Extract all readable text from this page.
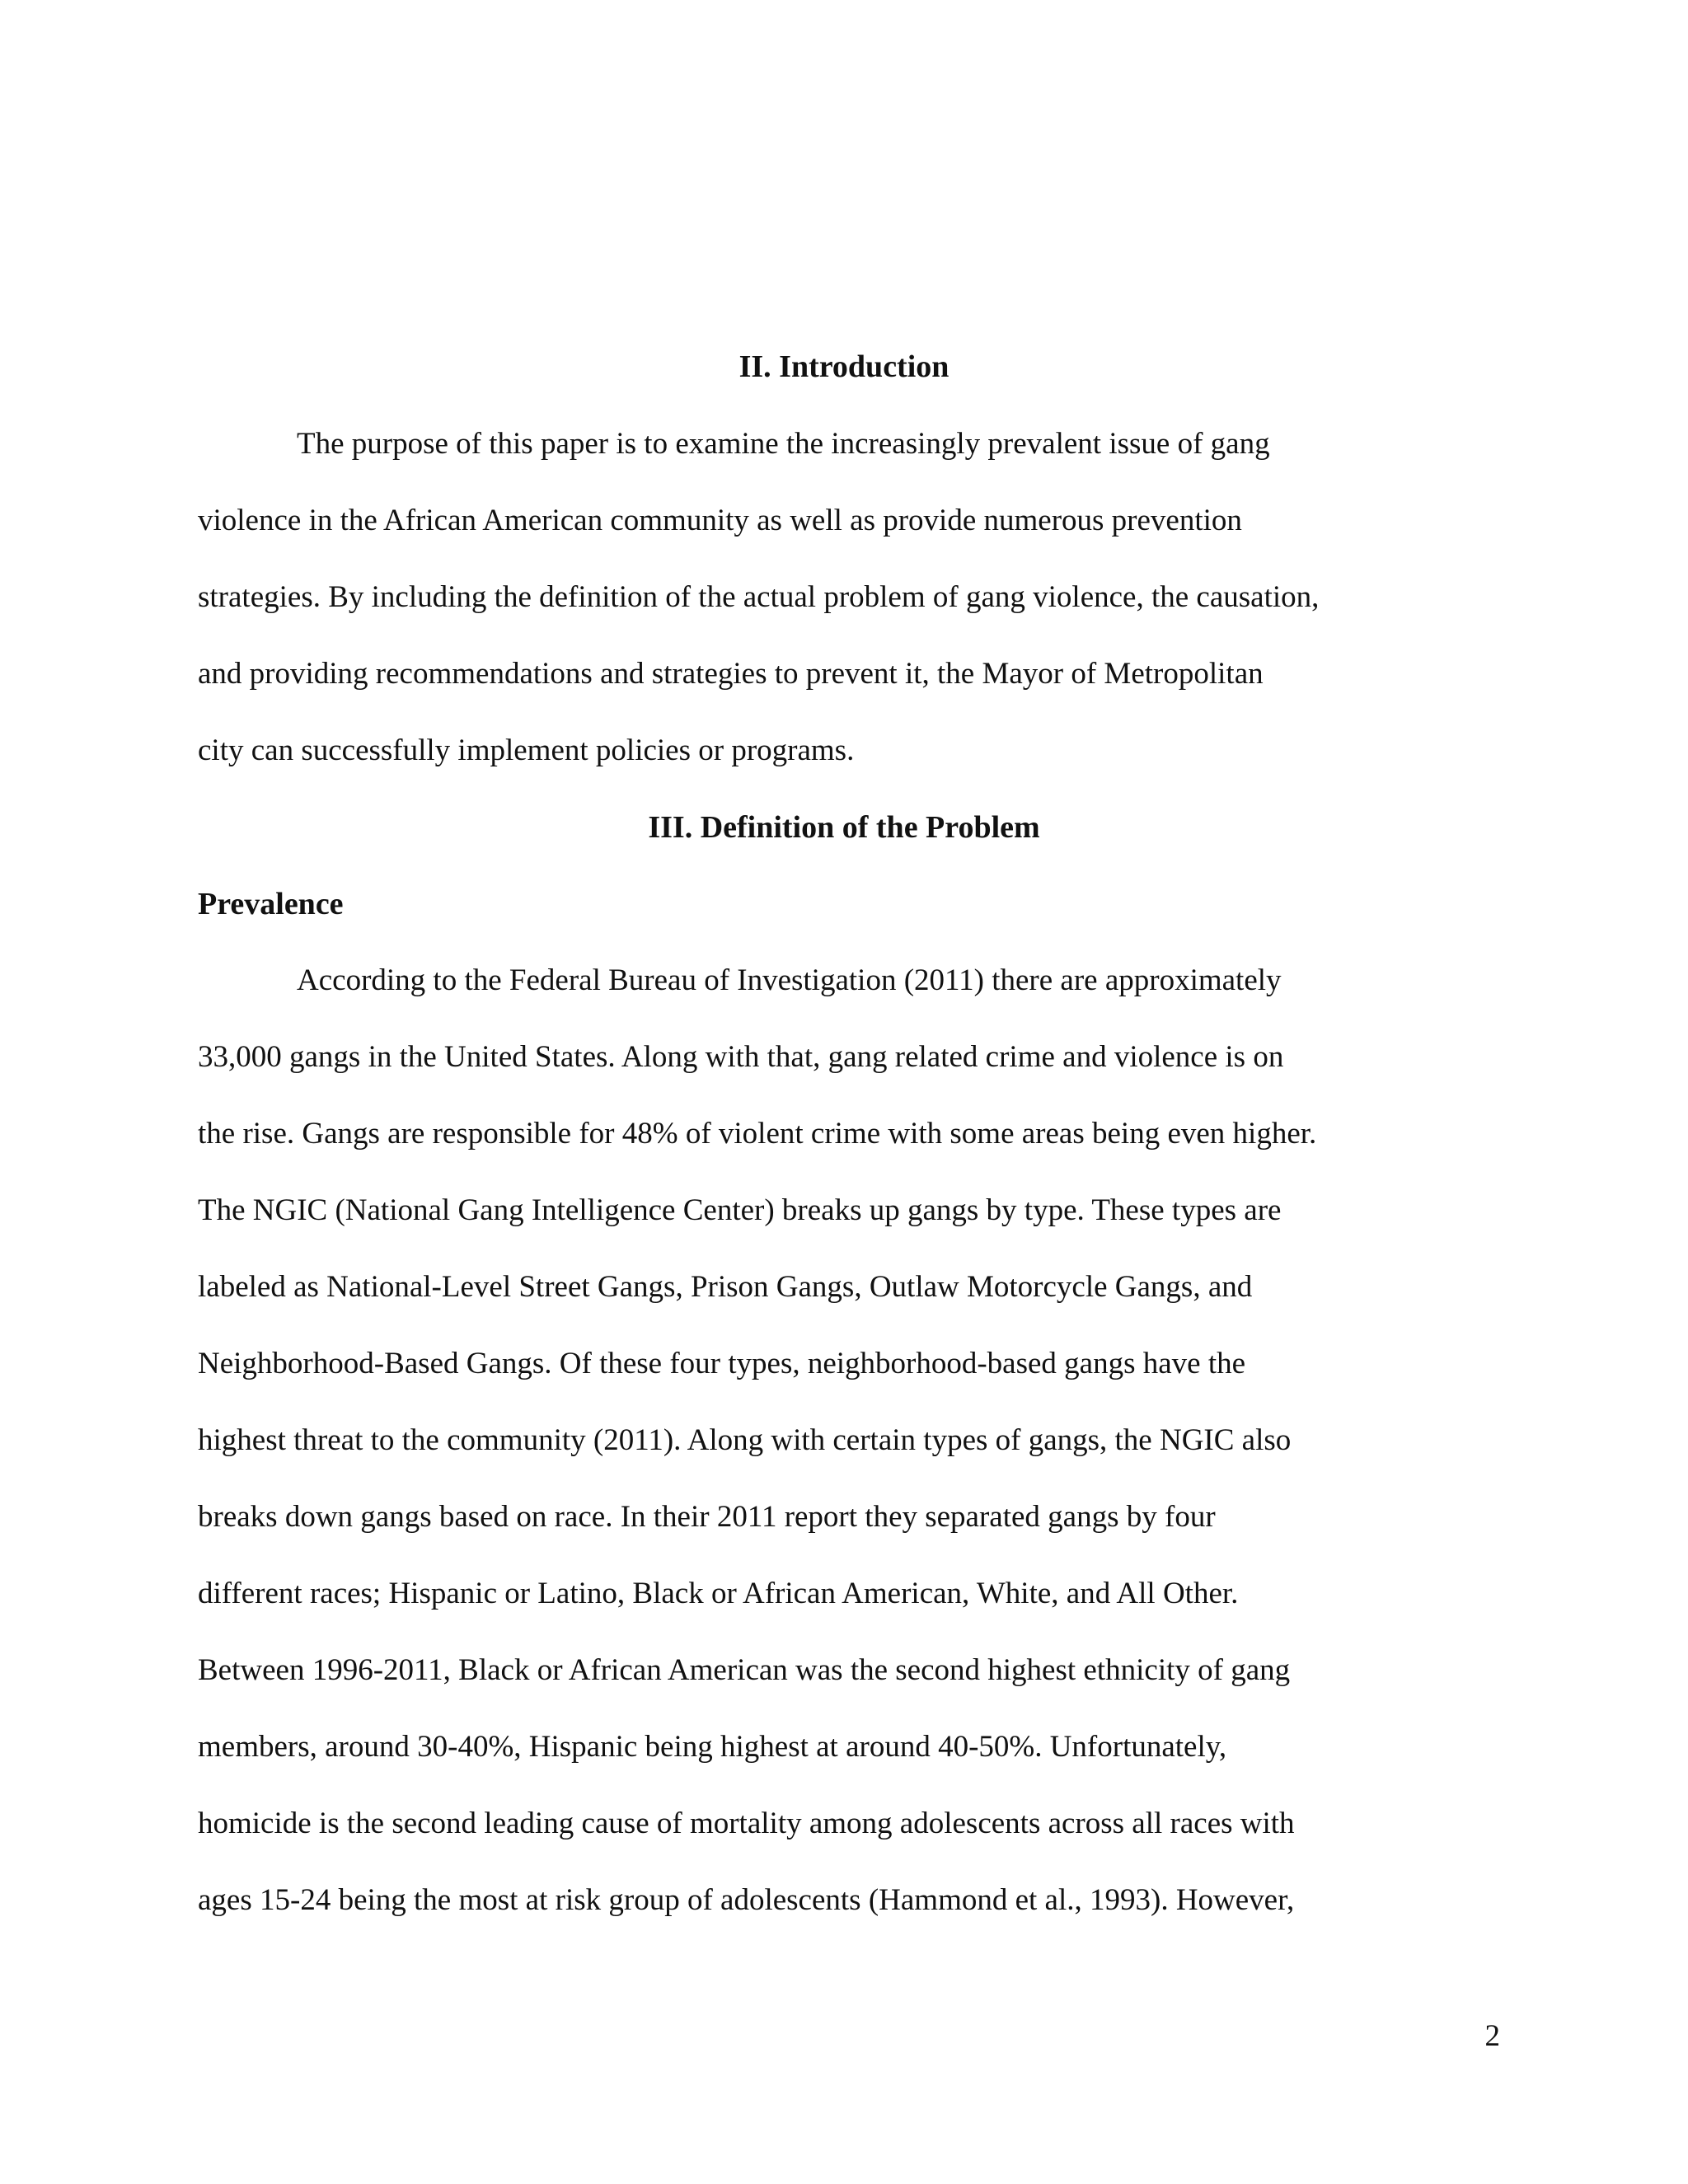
II. Introduction
The purpose of this paper is to examine the increasingly prevalent issue of gang
violence in the African American community as well as provide numerous prevention
strategies. By including the definition of the actual problem of gang violence, the causation,
and providing recommendations and strategies to prevent it, the Mayor of Metropolitan
city can successfully implement policies or programs.
III. Definition of the Problem
Prevalence
According to the Federal Bureau of Investigation (2011) there are approximately
33,000 gangs in the United States. Along with that, gang related crime and violence is on
the rise. Gangs are responsible for 48% of violent crime with some areas being even higher.
The NGIC (National Gang Intelligence Center) breaks up gangs by type. These types are
labeled as National-Level Street Gangs, Prison Gangs, Outlaw Motorcycle Gangs, and
Neighborhood-Based Gangs. Of these four types, neighborhood-based gangs have the
highest threat to the community (2011). Along with certain types of gangs, the NGIC also
breaks down gangs based on race. In their 2011 report they separated gangs by four
different races; Hispanic or Latino, Black or African American, White, and All Other.
Between 1996-2011, Black or African American was the second highest ethnicity of gang
members, around 30-40%, Hispanic being highest at around 40-50%. Unfortunately,
homicide is the second leading cause of mortality among adolescents across all races with
ages 15-24 being the most at risk group of adolescents (Hammond et al., 1993). However,
2
